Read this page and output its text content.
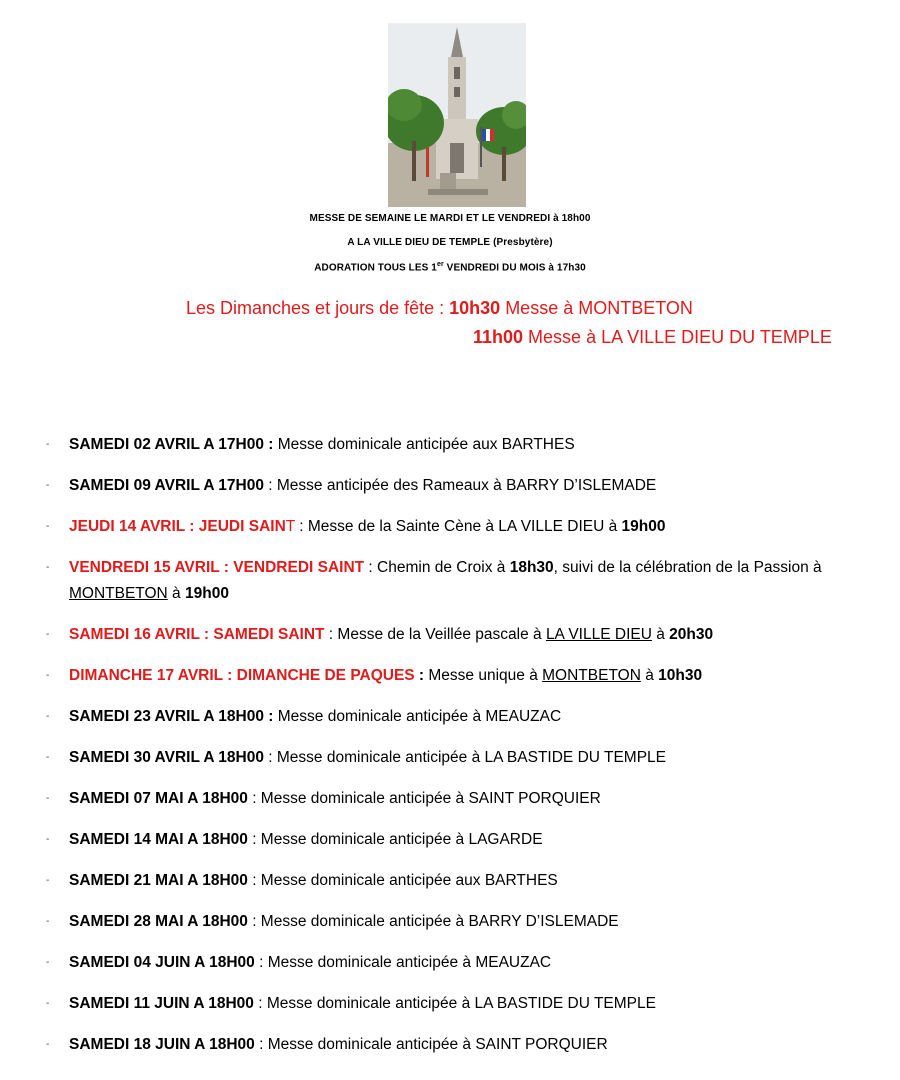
MESSE DE SEMAINE LE MARDI ET LE VENDREDI à 18h00
A LA VILLE DIEU DE TEMPLE (Presbytère)
ADORATION TOUS LES 1er VENDREDI DU MOIS à 17h30
Les Dimanches et jours de fête : 10h30 Messe à MONTBETON
11h00 Messe à LA VILLE DIEU DU TEMPLE
- SAMEDI 02 AVRIL A 17H00 : Messe dominicale anticipée aux BARTHES
- SAMEDI 09 AVRIL A 17H00 : Messe anticipée des Rameaux à BARRY D’ISLEMADE
- JEUDI 14 AVRIL : JEUDI SAINT : Messe de la Sainte Cène à LA VILLE DIEU à 19h00
- VENDREDI 15 AVRIL : VENDREDI SAINT : Chemin de Croix à 18h30, suivi de la célébration de la Passion à MONTBETON à 19h00
- SAMEDI 16 AVRIL : SAMEDI SAINT : Messe de la Veillée pascale à LA VILLE DIEU à 20h30
- DIMANCHE 17 AVRIL : DIMANCHE DE PAQUES : Messe unique à MONTBETON à 10h30
- SAMEDI 23 AVRIL A 18H00 : Messe dominicale anticipée à MEAUZAC
- SAMEDI 30 AVRIL A 18H00 : Messe dominicale anticipée à LA BASTIDE DU TEMPLE
- SAMEDI 07 MAI A 18H00 : Messe dominicale anticipée à SAINT PORQUIER
- SAMEDI 14 MAI A 18H00 : Messe dominicale anticipée à LAGARDE
- SAMEDI 21 MAI A 18H00 : Messe dominicale anticipée aux BARTHES
- SAMEDI 28 MAI A 18H00 : Messe dominicale anticipée à BARRY D’ISLEMADE
- SAMEDI 04 JUIN A 18H00 : Messe dominicale anticipée à MEAUZAC
- SAMEDI 11 JUIN A 18H00 : Messe dominicale anticipée à LA BASTIDE DU TEMPLE
- SAMEDI 18 JUIN A 18H00 : Messe dominicale anticipée à SAINT PORQUIER
